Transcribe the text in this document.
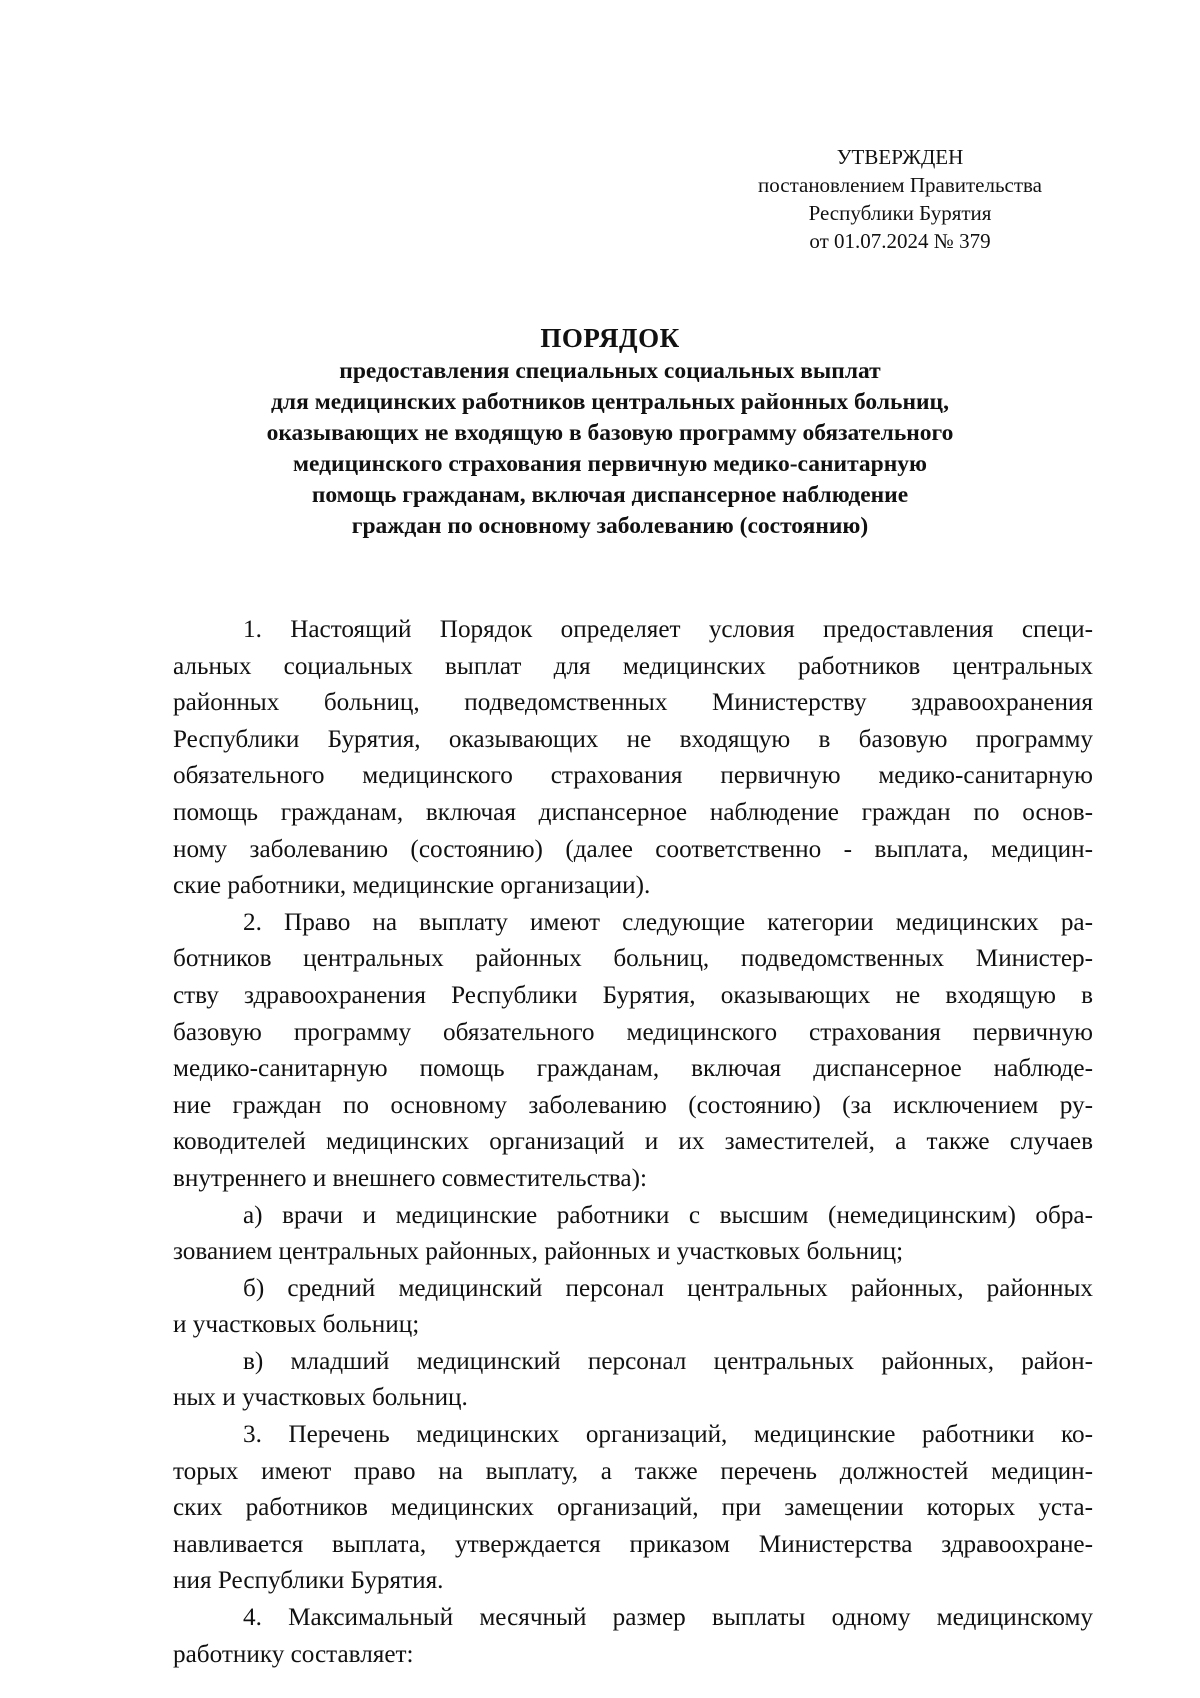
УТВЕРЖДЕН
постановлением Правительства
Республики Бурятия
от 01.07.2024 № 379
ПОРЯДОК
предоставления специальных социальных выплат
для медицинских работников центральных районных больниц,
оказывающих не входящую в базовую программу обязательного
медицинского страхования первичную медико-санитарную
помощь гражданам, включая диспансерное наблюдение
граждан по основному заболеванию (состоянию)
1. Настоящий Порядок определяет условия предоставления специ-
альных социальных выплат для медицинских работников центральных
районных больниц, подведомственных Министерству здравоохранения
Республики Бурятия, оказывающих не входящую в базовую программу
обязательного медицинского страхования первичную медико-санитарную
помощь гражданам, включая диспансерное наблюдение граждан по основ-
ному заболеванию (состоянию) (далее соответственно - выплата, медицин-
ские работники, медицинские организации).
2. Право на выплату имеют следующие категории медицинских ра-
ботников центральных районных больниц, подведомственных Министер-
ству здравоохранения Республики Бурятия, оказывающих не входящую в
базовую программу обязательного медицинского страхования первичную
медико-санитарную помощь гражданам, включая диспансерное наблюде-
ние граждан по основному заболеванию (состоянию) (за исключением ру-
ководителей медицинских организаций и их заместителей, а также случаев
внутреннего и внешнего совместительства):
а) врачи и медицинские работники с высшим (немедицинским) обра-
зованием центральных районных, районных и участковых больниц;
б) средний медицинский персонал центральных районных, районных
и участковых больниц;
в) младший медицинский персонал центральных районных, район-
ных и участковых больниц.
3. Перечень медицинских организаций, медицинские работники ко-
торых имеют право на выплату, а также перечень должностей медицин-
ских работников медицинских организаций, при замещении которых уста-
навливается выплата, утверждается приказом Министерства здравоохране-
ния Республики Бурятия.
4. Максимальный месячный размер выплаты одному медицинскому
работнику составляет:
